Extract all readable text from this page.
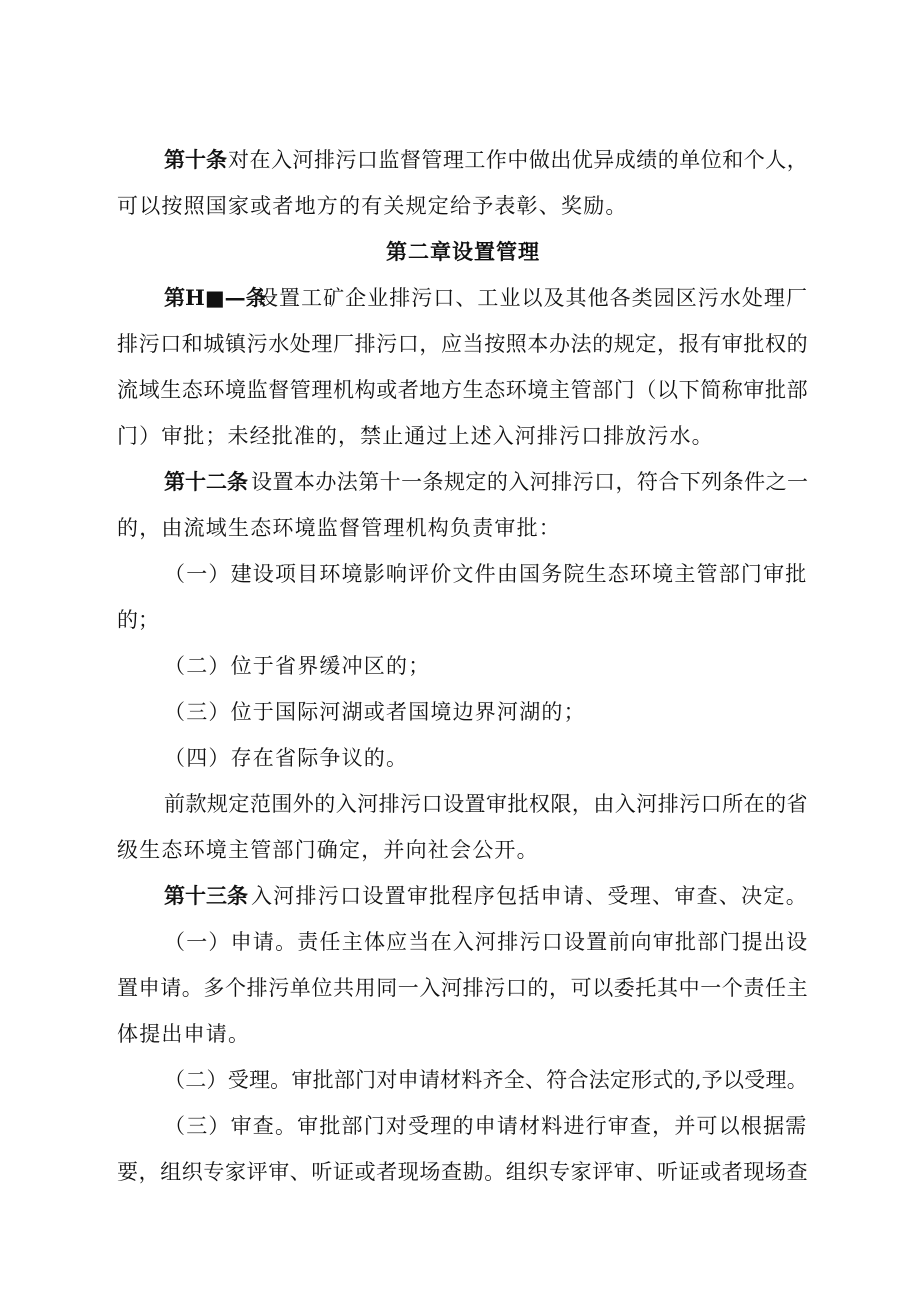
第十条 对在入河排污口监督管理工作中做出优异成绩的单位和个人，
可以按照国家或者地方的有关规定给予表彰、奖励。
第二章设置管理
第H■—条
设置工矿企业排污口、工业以及其他各类园区污水处理厂
排污口和城镇污水处理厂排污口，应当按照本办法的规定，报有审批权的
流域生态环境监督管理机构或者地方生态环境主管部门（以下简称审批部
门）审批；未经批准的，禁止通过上述入河排污口排放污水。
第十二条 设置本办法第十一条规定的入河排污口，符合下列条件之一
的，由流域生态环境监督管理机构负责审批：
（一）建设项目环境影响评价文件由国务院生态环境主管部门审批
的；
（二）位于省界缓冲区的；
（三）位于国际河湖或者国境边界河湖的；
（四）存在省际争议的。
前款规定范围外的入河排污口设置审批权限，由入河排污口所在的省
级生态环境主管部门确定，并向社会公开。
第十三条 入河排污口设置审批程序包括申请、受理、审查、决定。
（一）申请。责任主体应当在入河排污口设置前向审批部门提出设
置申请。多个排污单位共用同一入河排污口的，可以委托其中一个责任主
体提出申请。
（二）受理。审批部门对申请材料齐全、符合法定形式的,予以受理。
（三）审查。审批部门对受理的申请材料进行审查，并可以根据需
要，组织专家评审、听证或者现场查勘。组织专家评审、听证或者现场查
